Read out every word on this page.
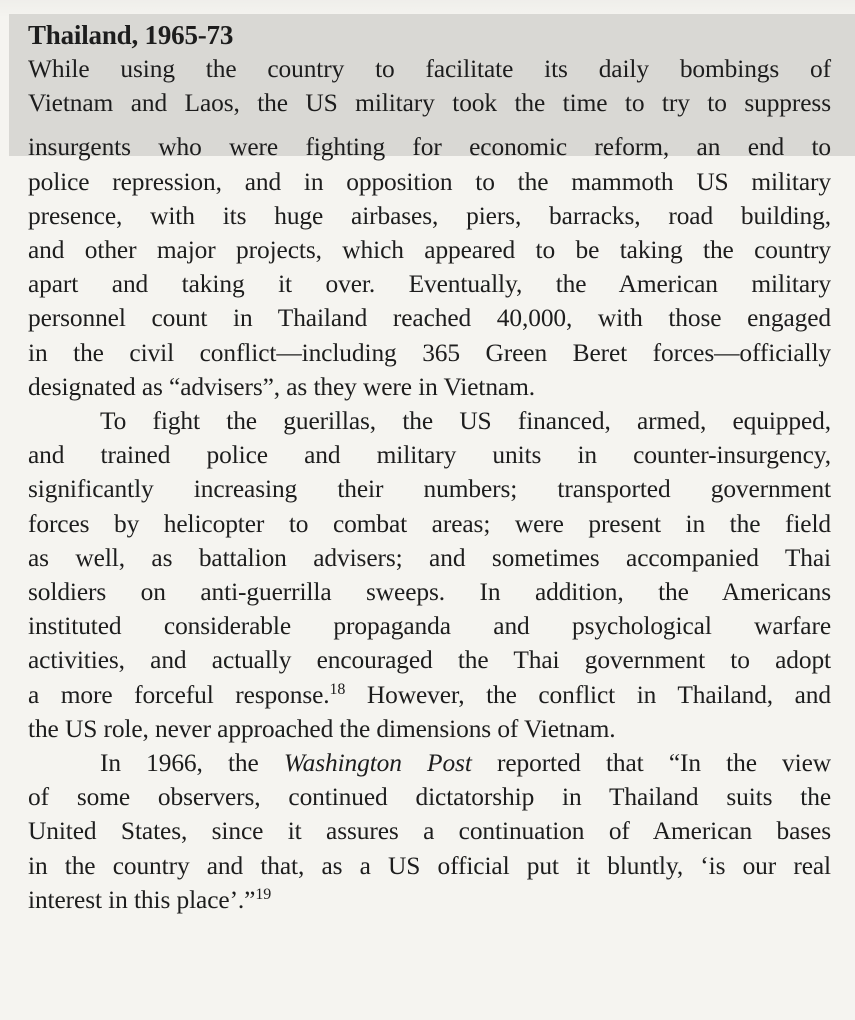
Thailand, 1965-73
While using the country to facilitate its daily bombings of
Vietnam and Laos, the US military took the time to try to suppress
insurgents who were fighting for economic reform, an end to
police repression, and in opposition to the mammoth US military
presence, with its huge airbases, piers, barracks, road building,
and other major projects, which appeared to be taking the country
apart and taking it over. Eventually, the American military
personnel count in Thailand reached 40,000, with those engaged
in the civil conflict—including 365 Green Beret forces—officially
designated as “advisers”, as they were in Vietnam.
To fight the guerillas, the US financed, armed, equipped,
and trained police and military units in counter-insurgency,
significantly increasing their numbers; transported government
forces by helicopter to combat areas; were present in the field
as well, as battalion advisers; and sometimes accompanied Thai
soldiers on anti-guerrilla sweeps. In addition, the Americans
instituted considerable propaganda and psychological warfare
activities, and actually encouraged the Thai government to adopt
a more forceful response.$^{18}$ However, the conflict in Thailand, and
the US role, never approached the dimensions of Vietnam.
In 1966, the Washington Post reported that “In the view
of some observers, continued dictatorship in Thailand suits the
United States, since it assures a continuation of American bases
in the country and that, as a US official put it bluntly, ‘is our real
interest in this place’.”$^{19}$
